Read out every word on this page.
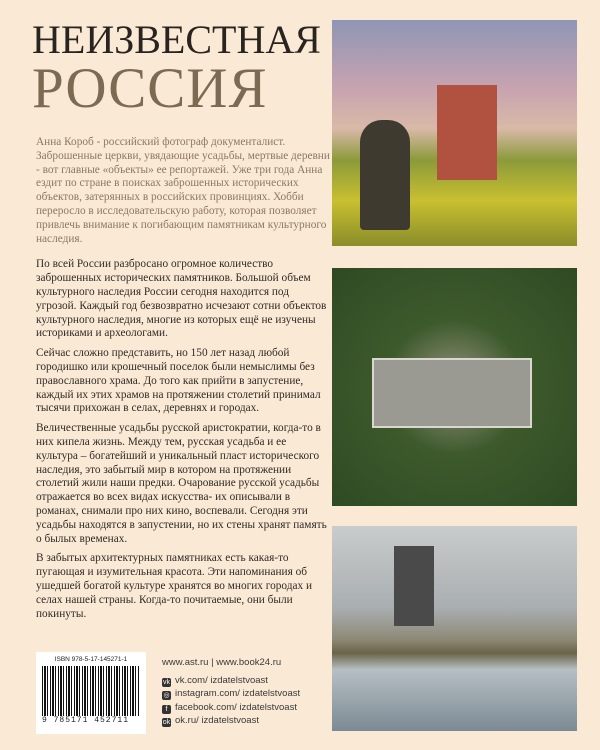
НЕИЗВЕСТНАЯ
РОССИЯ

Анна Короб - российский фотограф документалист. Заброшенные церкви, увядающие усадьбы, мертвые деревни - вот главные «объекты» ее репортажей. Уже три года Анна ездит по стране в поисках заброшенных исторических объектов, затерянных в российских провинциях. Хобби переросло в исследовательскую работу, которая позволяет привлечь внимание к погибающим памятникам культурного наследия.

По всей России разбросано огромное количество заброшенных исторических памятников. Большой объем культурного наследия России сегодня находится под угрозой. Каждый год безвозвратно исчезают сотни объектов культурного наследия, многие из которых ещё не изучены историками и археологами.

Сейчас сложно представить, но 150 лет назад любой городишко или крошечный поселок были немыслимы без православного храма. До того как прийти в запустение, каждый их этих храмов на протяжении столетий принимал тысячи прихожан в селах, деревнях и городах.

Величественные усадьбы русской аристократии, когда-то в них кипела жизнь. Между тем, русская усадьба и ее культура – богатейший и уникальный пласт исторического наследия, это забытый мир в котором на протяжении столетий жили наши предки. Очарование русской усадьбы отражается во всех видах искусства- их описывали в романах, снимали про них кино, воспевали. Сегодня эти усадьбы находятся в запустении, но их стены хранят память о былых временах.

В забытых архитектурных памятниках есть какая-то пугающая и изумительная красота. Эти напоминания об ушедшей богатой культуре хранятся во многих городах и селах нашей страны. Когда-то почитаемые, они были покинуты.

ISBN 978-5-17-145271-1
9 785171 452711
www.ast.ru | www.book24.ru
vk vk.com/ izdatelstvoast
◎ instagram.com/ izdatelstvoast
f facebook.com/ izdatelstvoast
ok ok.ru/ izdatelstvoast
